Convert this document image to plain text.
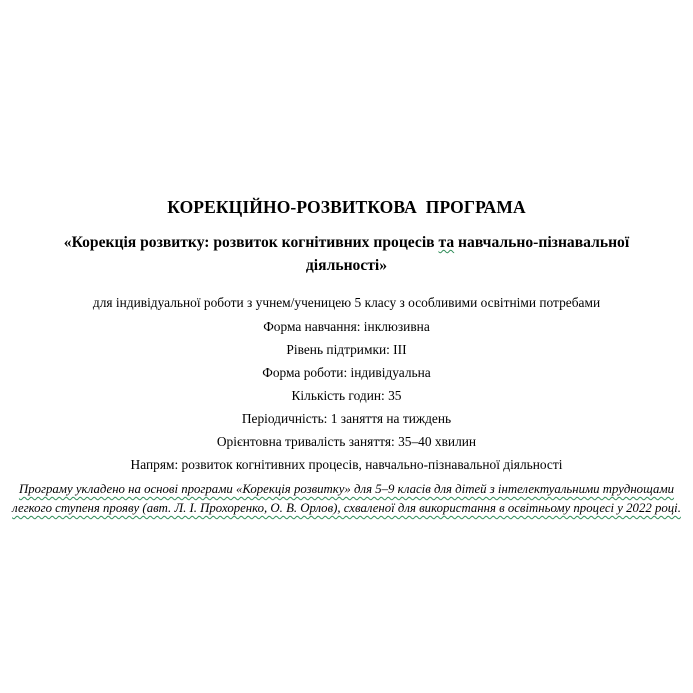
КОРЕКЦІЙНО-РОЗВИТКОВА  ПРОГРАМА
«Корекція розвитку: розвиток когнітивних процесів та навчально-пізнавальної діяльності»
для індивідуальної роботи з учнем/ученицею 5 класу з особливими освітніми потребами
Форма навчання: інклюзивна
Рівень підтримки: ІІІ
Форма роботи: індивідуальна
Кількість годин: 35
Періодичність: 1 заняття на тиждень
Орієнтовна тривалість заняття: 35–40 хвилин
Напрям: розвиток когнітивних процесів, навчально-пізнавальної діяльності
Програму укладено на основі програми «Корекція розвитку» для 5–9 класів для дітей з інтелектуальними труднощами легкого ступеня прояву (авт. Л. І. Прохоренко, О. В. Орлов), схваленої для використання в освітньому процесі у 2022 році.
